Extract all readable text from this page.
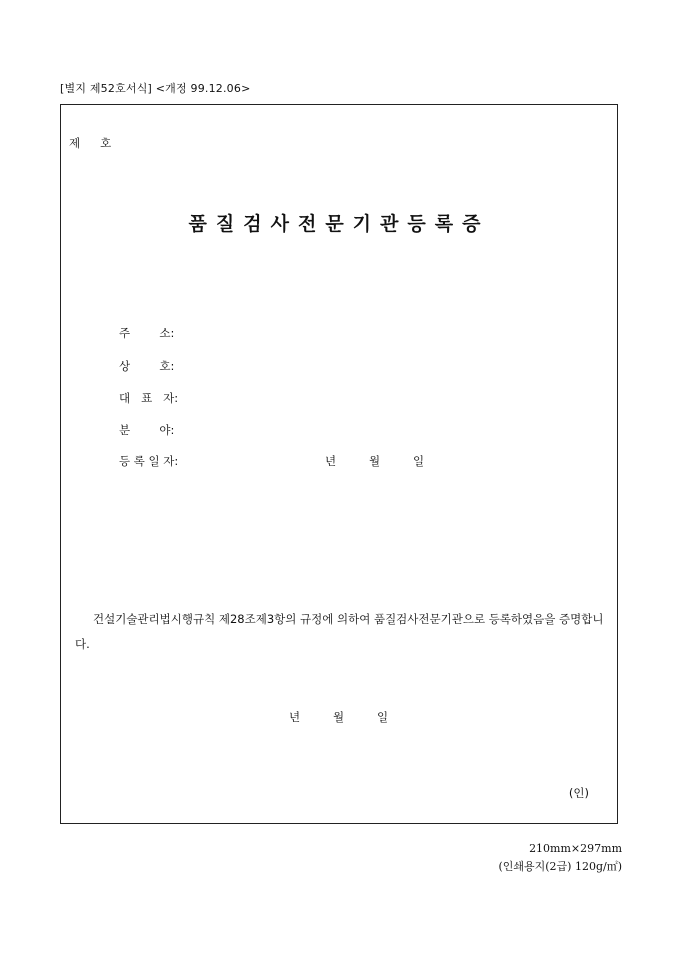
[별지 제52호서식] <개정 99.12.06>
제 호
품질검사전문기관등록증
주        소:
상        호:
대   표   자:
분        야:
등 록 일 자:	년	월	일
건설기술관리법시행규칙 제28조제3항의 규정에 의하여 품질검사전문기관으로 등록하였음을 증명합니다.
년	월	일
(인)
210mm×297mm
(인쇄용지(2급) 120g/㎡)
